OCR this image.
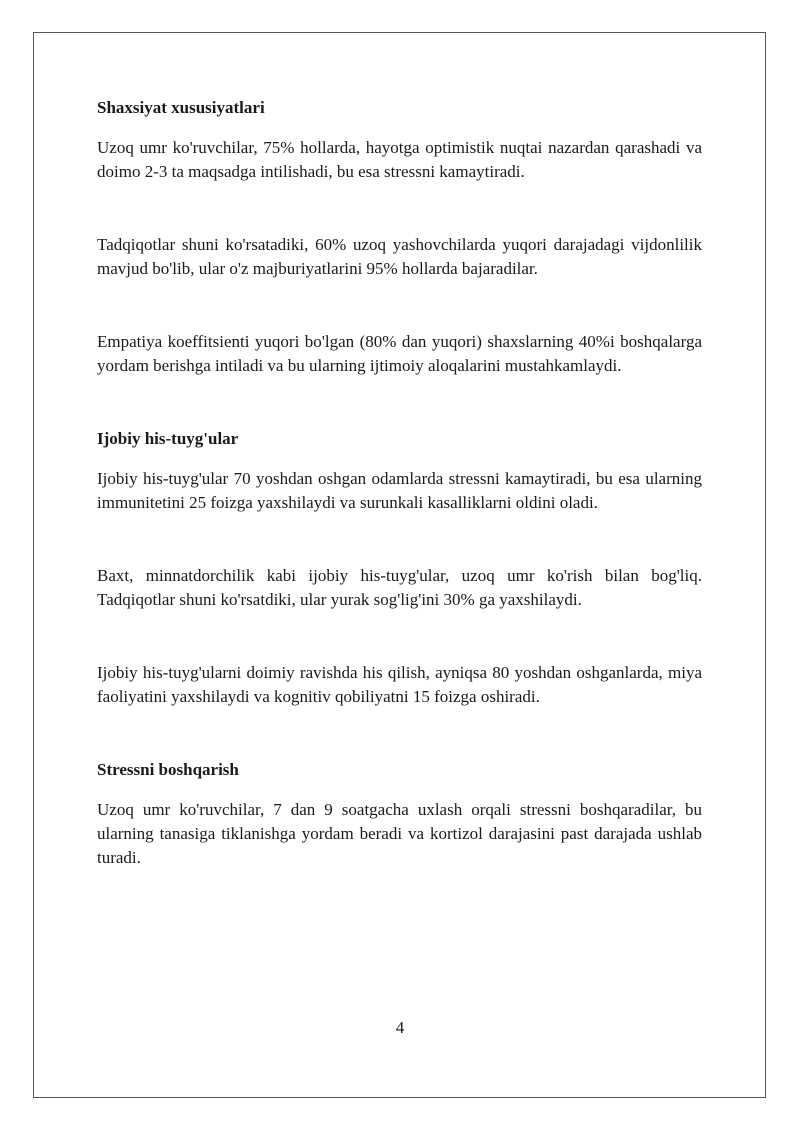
Shaxsiyat xususiyatlari

Uzoq umr ko'ruvchilar, 75% hollarda, hayotga optimistik nuqtai nazardan qarashadi va doimo 2-3 ta maqsadga intilishadi, bu esa stressni kamaytiradi.

Tadqiqotlar shuni ko'rsatadiki, 60% uzoq yashovchilarda yuqori darajadagi vijdonlilik mavjud bo'lib, ular o'z majburiyatlarini 95% hollarda bajaradilar.

Empatiya koeffitsienti yuqori bo'lgan (80% dan yuqori) shaxslarning 40%i boshqalarga yordam berishga intiladi va bu ularning ijtimoiy aloqalarini mustahkamlaydi.

Ijobiy his-tuyg'ular

Ijobiy his-tuyg'ular 70 yoshdan oshgan odamlarda stressni kamaytiradi, bu esa ularning immunitetini 25 foizga yaxshilaydi va surunkali kasalliklarni oldini oladi.

Baxt, minnatdorchilik kabi ijobiy his-tuyg'ular, uzoq umr ko'rish bilan bog'liq. Tadqiqotlar shuni ko'rsatdiki, ular yurak sog'lig'ini 30% ga yaxshilaydi.

Ijobiy his-tuyg'ularni doimiy ravishda his qilish, ayniqsa 80 yoshdan oshganlarda, miya faoliyatini yaxshilaydi va kognitiv qobiliyatni 15 foizga oshiradi.

Stressni boshqarish

Uzoq umr ko'ruvchilar, 7 dan 9 soatgacha uxlash orqali stressni boshqaradilar, bu ularning tanasiga tiklanishga yordam beradi va kortizol darajasini past darajada ushlab turadi.

4
